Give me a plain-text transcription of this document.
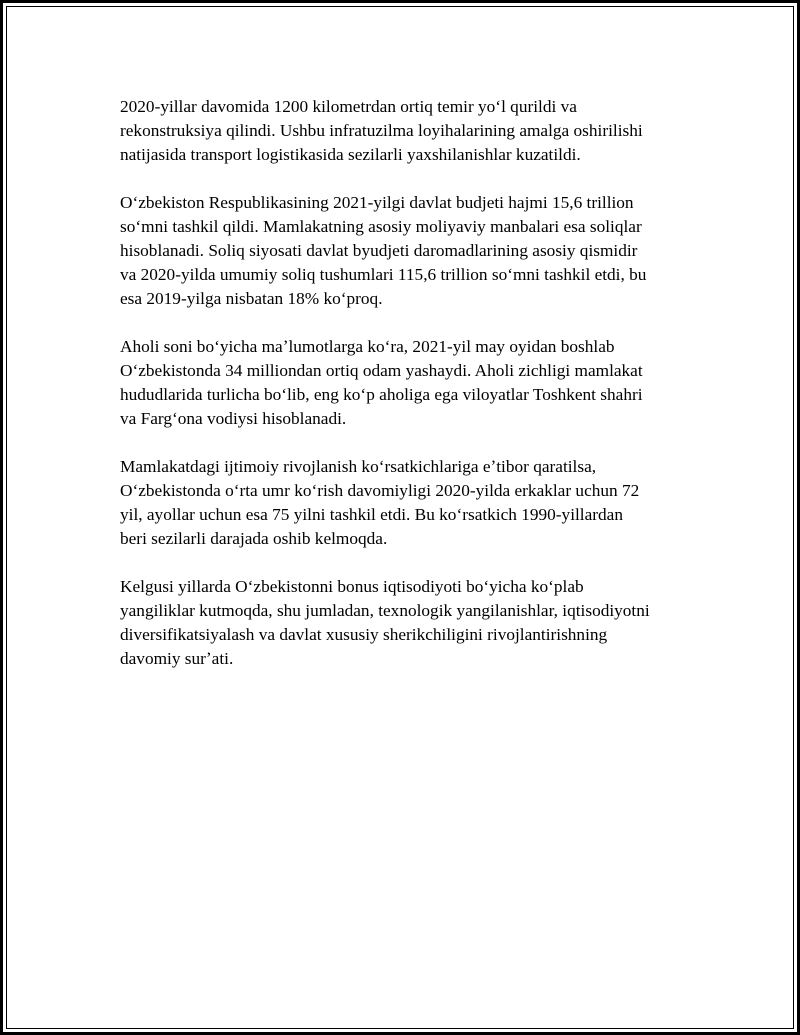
2020-yillar davomida 1200 kilometrdan ortiq temir yoʻl qurildi va
rekonstruksiya qilindi. Ushbu infratuzilma loyihalarining amalga oshirilishi
natijasida transport logistikasida sezilarli yaxshilanishlar kuzatildi.

Oʻzbekiston Respublikasining 2021-yilgi davlat budjeti hajmi 15,6 trillion
soʻmni tashkil qildi. Mamlakatning asosiy moliyaviy manbalari esa soliqlar
hisoblanadi. Soliq siyosati davlat byudjeti daromadlarining asosiy qismidir
va 2020-yilda umumiy soliq tushumlari 115,6 trillion soʻmni tashkil etdi, bu
esa 2019-yilga nisbatan 18% koʻproq.

Aholi soni boʻyicha maʼlumotlarga koʻra, 2021-yil may oyidan boshlab
Oʻzbekistonda 34 milliondan ortiq odam yashaydi. Aholi zichligi mamlakat
hududlarida turlicha boʻlib, eng koʻp aholiga ega viloyatlar Toshkent shahri
va Fargʻona vodiysi hisoblanadi.

Mamlakatdagi ijtimoiy rivojlanish koʻrsatkichlariga eʼtibor qaratilsa,
Oʻzbekistonda oʻrta umr koʻrish davomiyligi 2020-yilda erkaklar uchun 72
yil, ayollar uchun esa 75 yilni tashkil etdi. Bu koʻrsatkich 1990-yillardan
beri sezilarli darajada oshib kelmoqda.

Kelgusi yillarda Oʻzbekistonni bonus iqtisodiyoti boʻyicha koʻplab
yangiliklar kutmoqda, shu jumladan, texnologik yangilanishlar, iqtisodiyotni
diversifikatsiyalash va davlat xususiy sherikchiligini rivojlantirishning
davomiy surʼati.
